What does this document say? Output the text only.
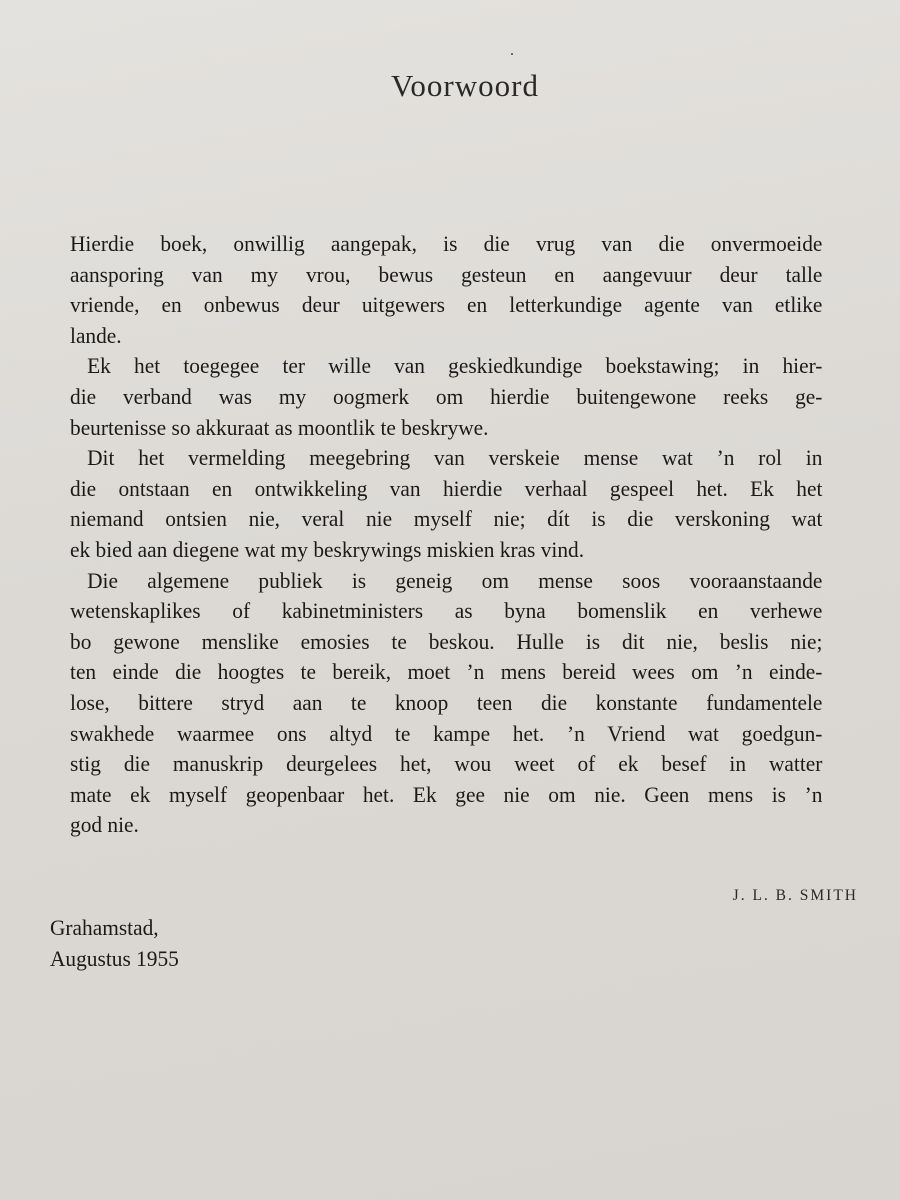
Voorwoord
Hierdie boek, onwillig aangepak, is die vrug van die onvermoeide
aansporing van my vrou, bewus gesteun en aangevuur deur talle
vriende, en onbewus deur uitgewers en letterkundige agente van etlike
lande.
Ek het toegegee ter wille van geskiedkundige boekstawing; in hier-
die verband was my oogmerk om hierdie buitengewone reeks ge-
beurtenisse so akkuraat as moontlik te beskrywe.
Dit het vermelding meegebring van verskeie mense wat ’n rol in
die ontstaan en ontwikkeling van hierdie verhaal gespeel het. Ek het
niemand ontsien nie, veral nie myself nie; dít is die verskoning wat
ek bied aan diegene wat my beskrywings miskien kras vind.
Die algemene publiek is geneig om mense soos vooraanstaande
wetenskaplikes of kabinetministers as byna bomenslik en verhewe
bo gewone menslike emosies te beskou. Hulle is dit nie, beslis nie;
ten einde die hoogtes te bereik, moet ’n mens bereid wees om ’n einde-
lose, bittere stryd aan te knoop teen die konstante fundamentele
swakhede waarmee ons altyd te kampe het. ’n Vriend wat goedgun-
stig die manuskrip deurgelees het, wou weet of ek besef in watter
mate ek myself geopenbaar het. Ek gee nie om nie. Geen mens is ’n
god nie.
J. L. B. SMITH
Grahamstad,
Augustus 1955
